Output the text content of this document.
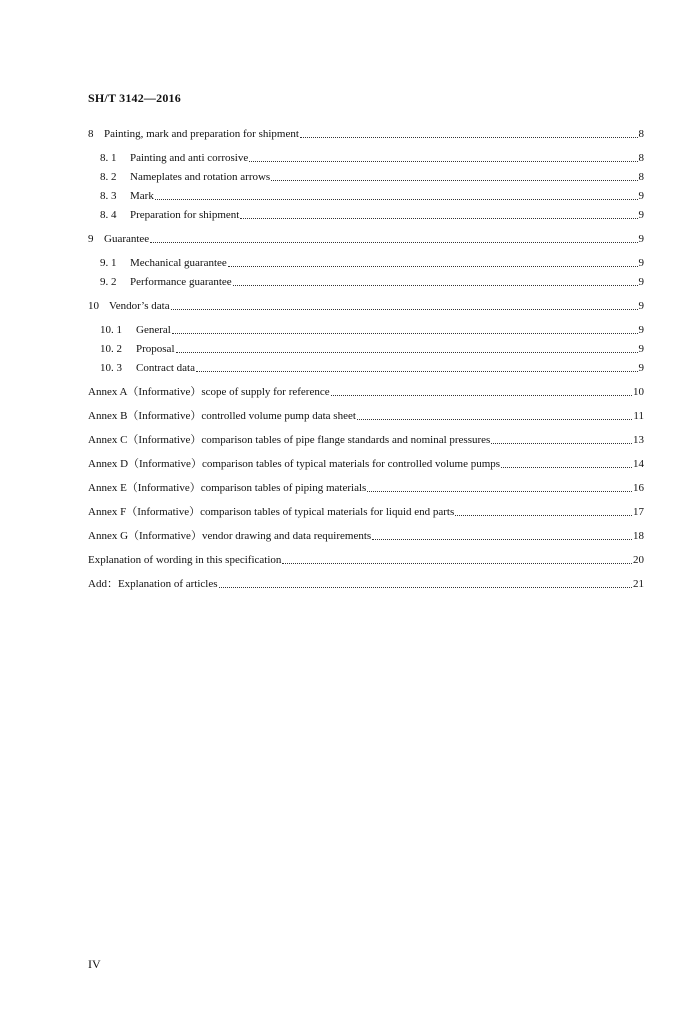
SH/T 3142—2016
8 Painting, mark and preparation for shipment	8
8. 1	Painting and anti corrosive	8
8. 2	Nameplates and rotation arrows	8
8. 3	Mark	9
8. 4	Preparation for shipment	9
9 Guarantee	9
9. 1	Mechanical guarantee	9
9. 2	Performance guarantee	9
10 Vendor’s data	9
10. 1	General	9
10. 2	Proposal	9
10. 3	Contract data	9
Annex A（Informative）scope of supply for reference	10
Annex B（Informative）controlled volume pump data sheet	11
Annex C（Informative）comparison tables of pipe flange standards and nominal pressures	13
Annex D（Informative）comparison tables of typical materials for controlled volume pumps	14
Annex E（Informative）comparison tables of piping materials	16
Annex F（Informative）comparison tables of typical materials for liquid end parts	17
Annex G（Informative）vendor drawing and data requirements	18
Explanation of wording in this specification	20
Add：Explanation of articles	21
IV
